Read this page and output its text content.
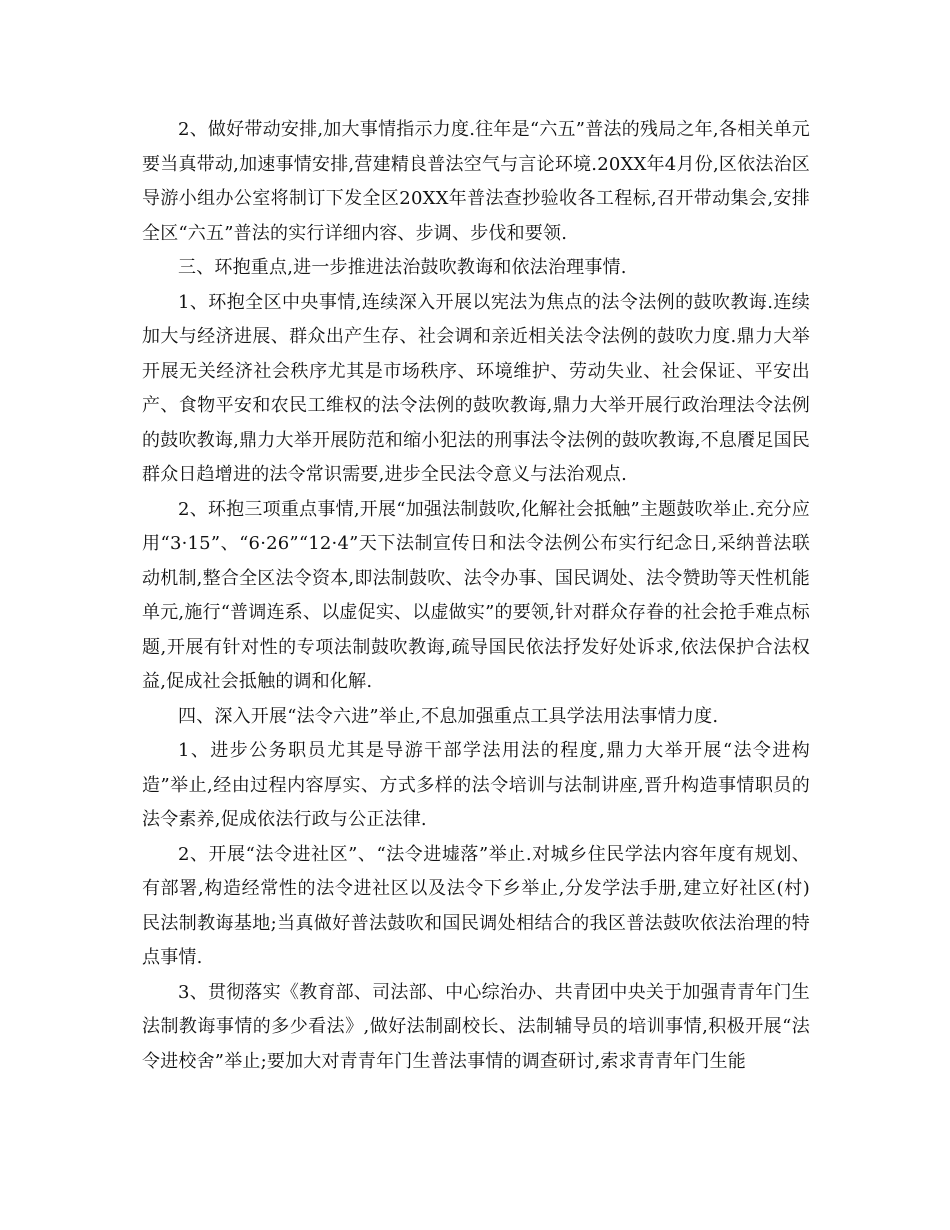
2、做好带动安排,加大事情指示力度.往年是“六五”普法的残局之年,各相关单元要当真带动,加速事情安排,营建精良普法空气与言论环境.20XX年4月份,区依法治区导游小组办公室将制订下发全区20XX年普法查抄验收各工程标,召开带动集会,安排全区“六五”普法的实行详细内容、步调、步伐和要领.

三、环抱重点,进一步推进法治鼓吹教诲和依法治理事情.

1、环抱全区中央事情,连续深入开展以宪法为焦点的法令法例的鼓吹教诲.连续加大与经济进展、群众出产生存、社会调和亲近相关法令法例的鼓吹力度.鼎力大举开展无关经济社会秩序尤其是市场秩序、环境维护、劳动失业、社会保证、平安出产、食物平安和农民工维权的法令法例的鼓吹教诲,鼎力大举开展行政治理法令法例的鼓吹教诲,鼎力大举开展防范和缩小犯法的刑事法令法例的鼓吹教诲,不息餍足国民群众日趋增进的法令常识需要,进步全民法令意义与法治观点.

2、环抱三项重点事情,开展“加强法制鼓吹,化解社会抵触”主题鼓吹举止.充分应用“3·15”、“6·26”“12·4”天下法制宣传日和法令法例公布实行纪念日,采纳普法联动机制,整合全区法令资本,即法制鼓吹、法令办事、国民调处、法令赞助等天性机能单元,施行“普调连系、以虚促实、以虚做实”的要领,针对群众存眷的社会抢手难点标题,开展有针对性的专项法制鼓吹教诲,疏导国民依法抒发好处诉求,依法保护合法权益,促成社会抵触的调和化解.

四、深入开展“法令六进”举止,不息加强重点工具学法用法事情力度.

1、进步公务职员尤其是导游干部学法用法的程度,鼎力大举开展“法令进构造”举止,经由过程内容厚实、方式多样的法令培训与法制讲座,晋升构造事情职员的法令素养,促成依法行政与公正法律.

2、开展“法令进社区”、“法令进墟落”举止.对城乡住民学法内容年度有规划、有部署,构造经常性的法令进社区以及法令下乡举止,分发学法手册,建立好社区(村)民法制教诲基地;当真做好普法鼓吹和国民调处相结合的我区普法鼓吹依法治理的特点事情.

3、贯彻落实《教育部、司法部、中心综治办、共青团中央关于加强青青年门生法制教诲事情的多少看法》,做好法制副校长、法制辅导员的培训事情,积极开展“法令进校舍”举止;要加大对青青年门生普法事情的调查研讨,索求青青年门生能
